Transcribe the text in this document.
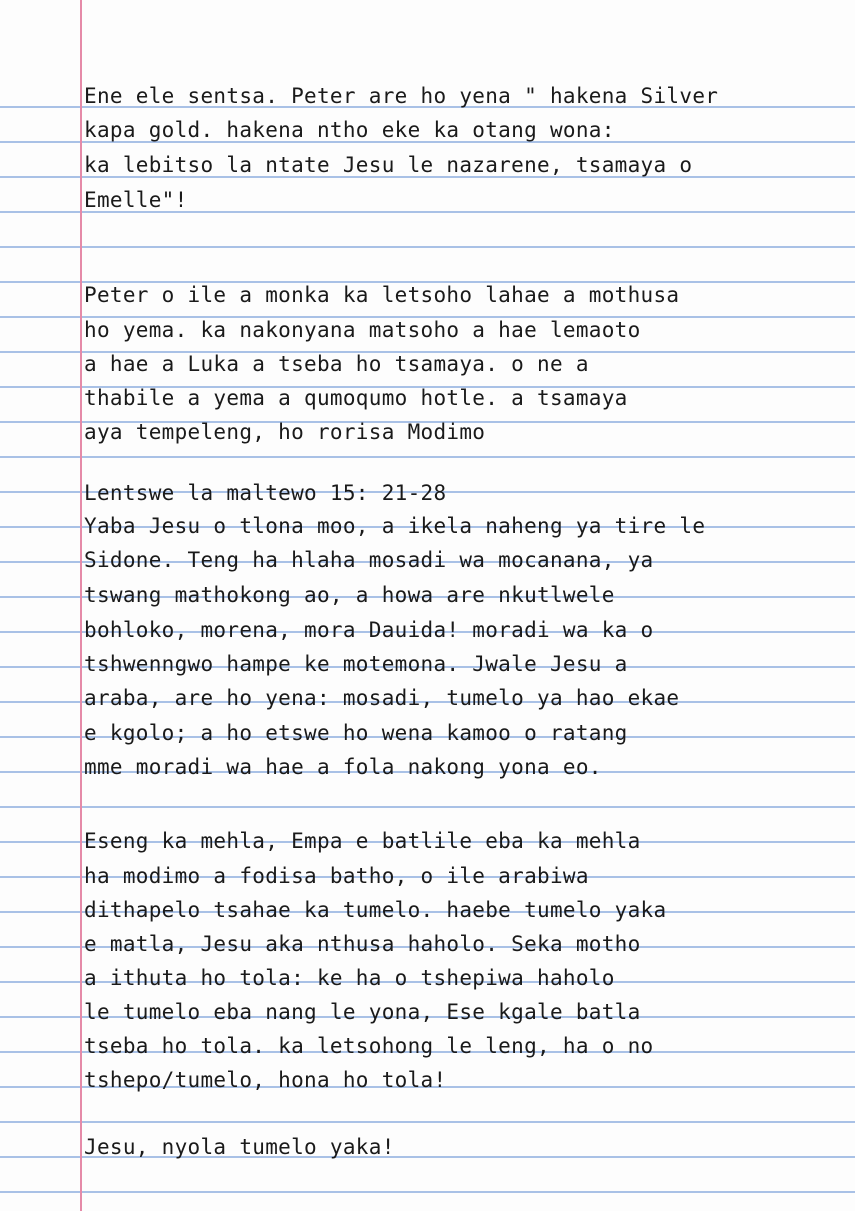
Ene ele sentsa. Peter are ho yena " hakena Silver
kapa gold. hakena ntho eke ka otang wona:
ka lebitso la ntate Jesu le nazarene, tsamaya o
Emelle"!
Peter o ile a monka ka letsoho lahae a mothusa
ho yema. ka nakonyana matsoho a hae lemaoto
a hae a Luka a tseba ho tsamaya. o ne a
thabile a yema a qumoqumo hotle. a tsamaya
aya tempeleng, ho rorisa Modimo
Lentswe la maltewo 15: 21-28
Yaba Jesu o tlona moo, a ikela naheng ya tire le
Sidone. Teng ha hlaha mosadi wa mocanana, ya
tswang mathokong ao, a howa are nkutlwele
bohloko, morena, mora Dauida! moradi wa ka o
tshwenngwo hampe ke motemona. Jwale Jesu a
araba, are ho yena: mosadi, tumelo ya hao ekae
e kgolo; a ho etswe ho wena kamoo o ratang
mme moradi wa hae a fola nakong yona eo.
Eseng ka mehla, Empa e batlile eba ka mehla
ha modimo a fodisa batho, o ile arabiwa
dithapelo tsahae ka tumelo. haebe tumelo yaka
e matla, Jesu aka nthusa haholo. Seka motho
a ithuta ho tola: ke ha o tshepiwa haholo
le tumelo eba nang le yona, Ese kgale batla
tseba ho tola. ka letsohong le leng, ha o no
tshepo/tumelo, hona ho tola!
Jesu, nyola tumelo yaka!
